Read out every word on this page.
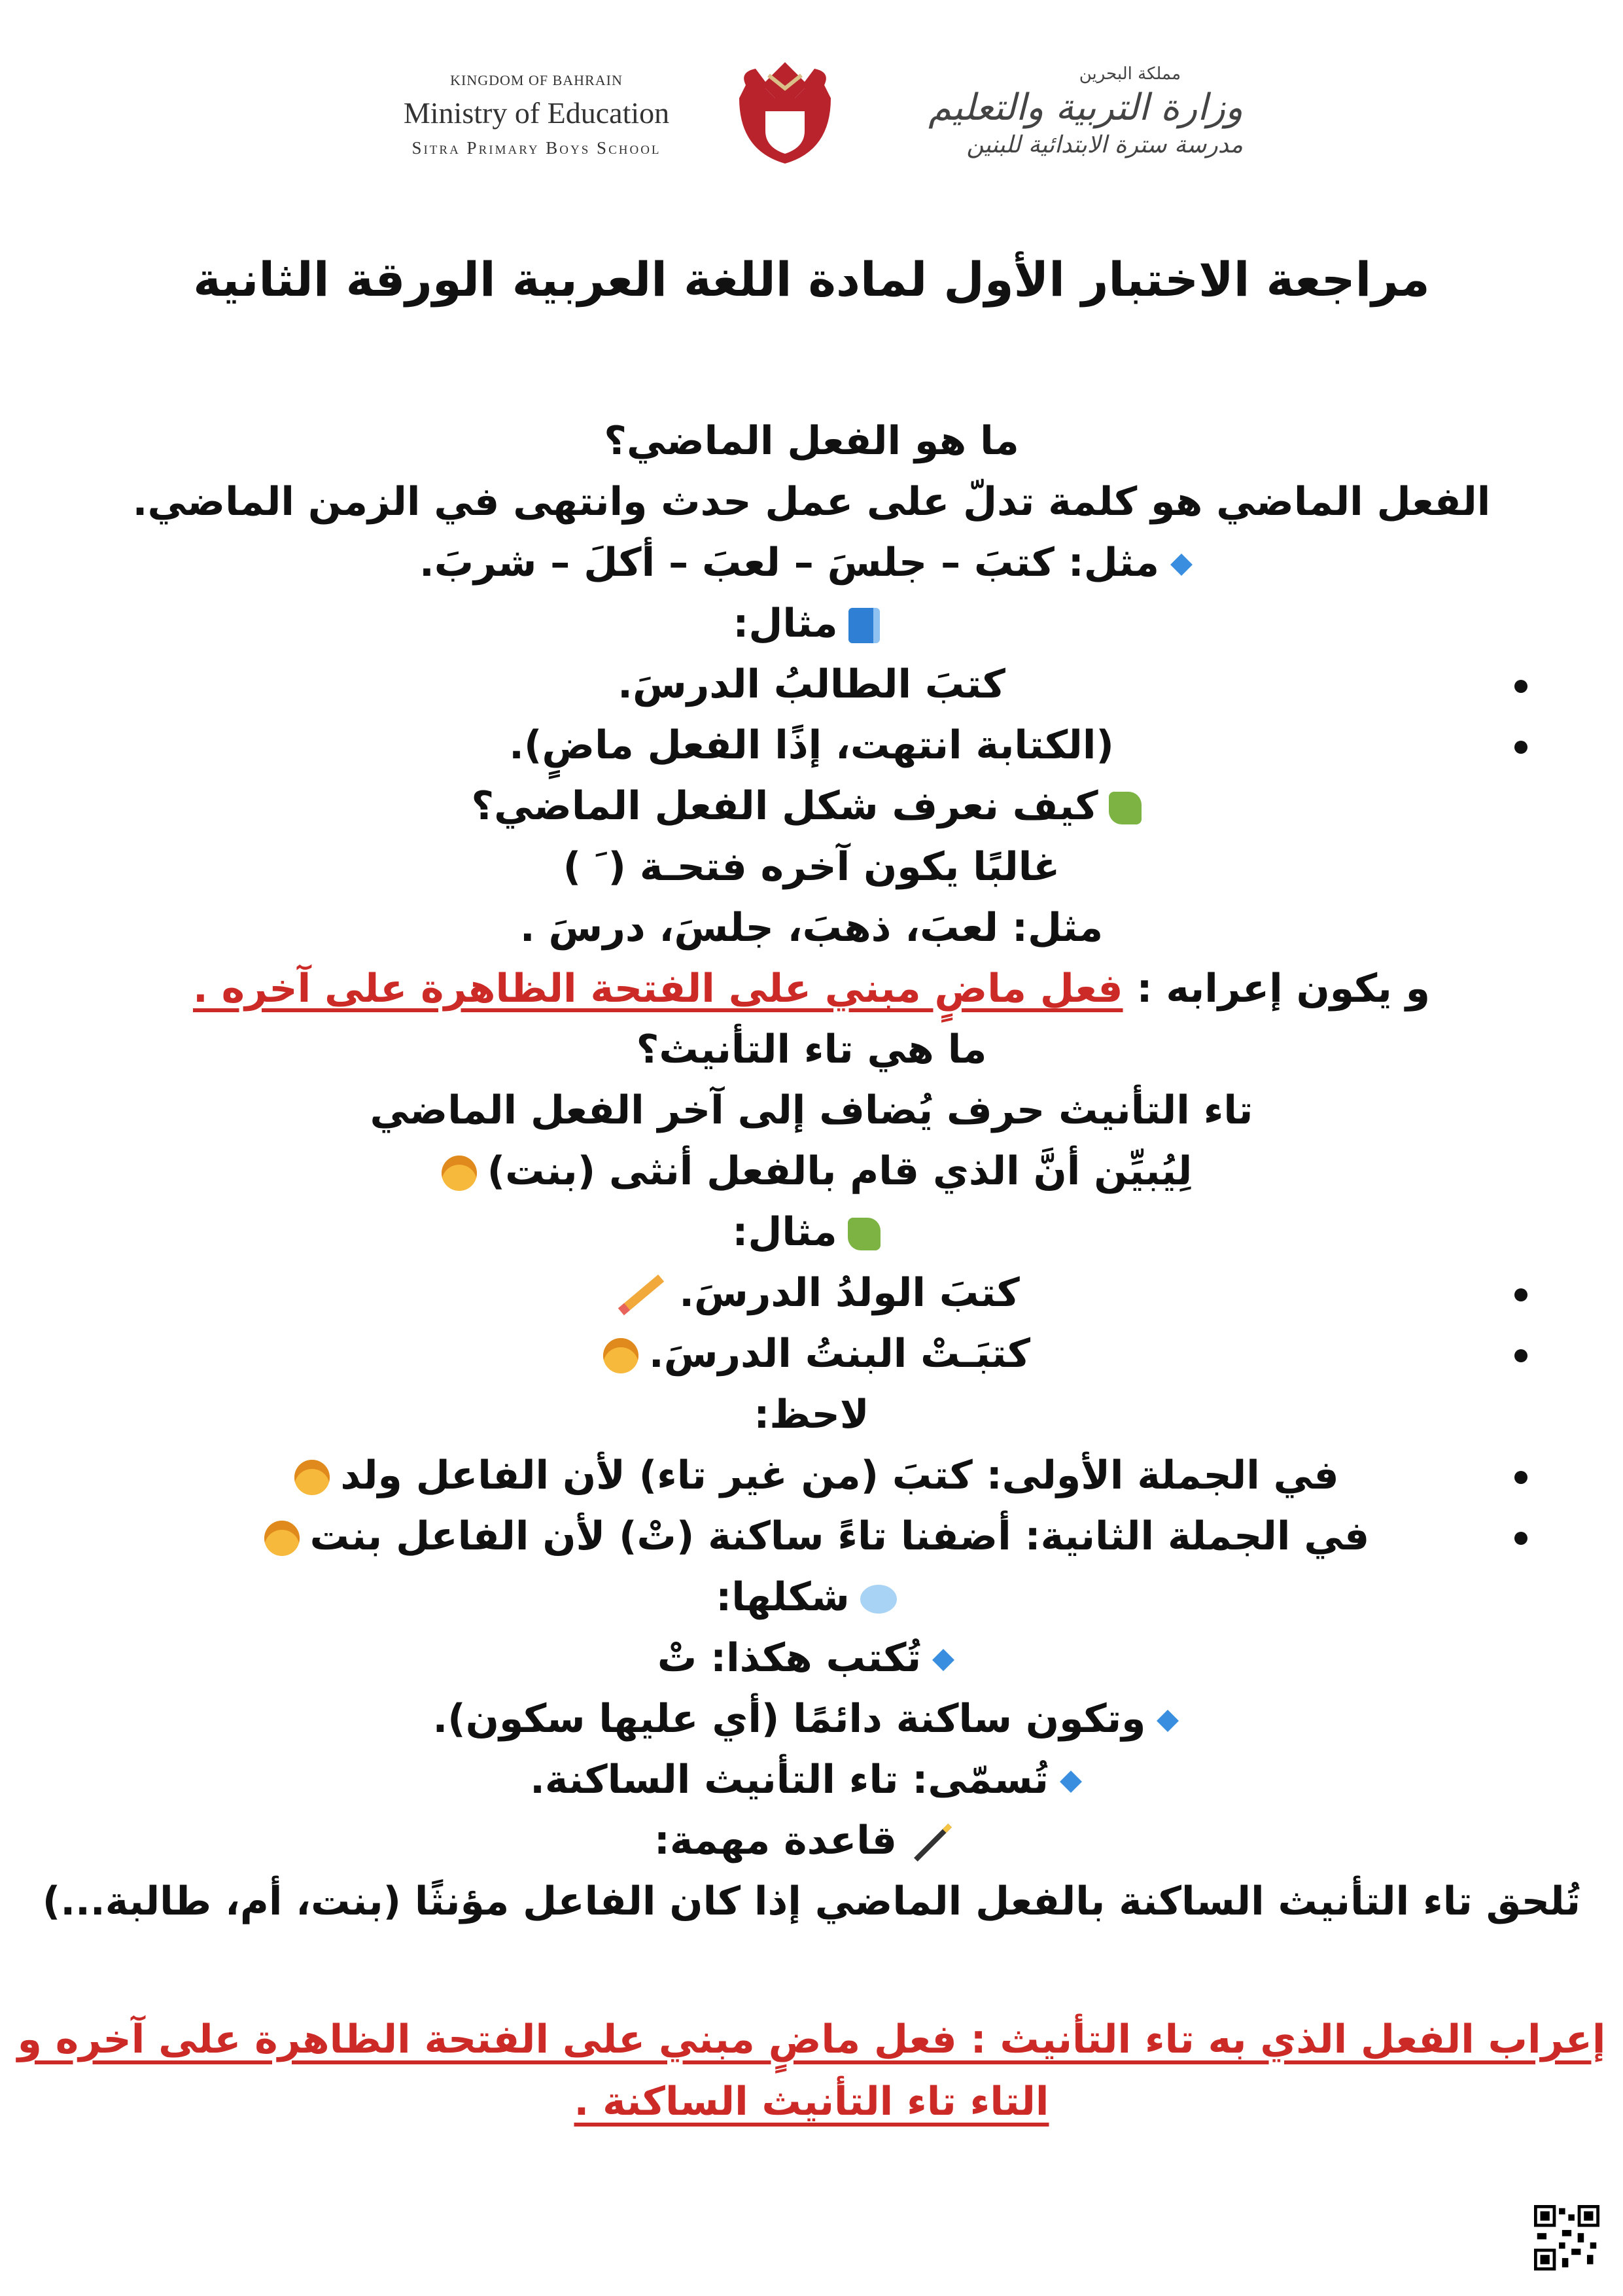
KINGDOM OF BAHRAIN
Ministry of Education
Sitra Primary Boys School
مملكة البحرين
وزارة التربية والتعليم
مدرسة سترة الابتدائية للبنين
مراجعة الاختبار الأول لمادة اللغة العربية الورقة الثانية
ما هو الفعل الماضي؟
الفعل الماضي هو كلمة تدلّ على عمل حدث وانتهى في الزمن الماضي.
مثل: كتبَ – جلسَ – لعبَ – أكلَ – شربَ.
مثال:
كتبَ الطالبُ الدرسَ.
(الكتابة انتهت، إذًا الفعل ماضٍ).
كيف نعرف شكل الفعل الماضي؟
غالبًا يكون آخره فتحـة ( َ )
مثل: لعبَ، ذهبَ، جلسَ، درسَ .
و يكون إعرابه : فعل ماضٍ مبني على الفتحة الظاهرة على آخره .
ما هي تاء التأنيث؟
تاء التأنيث حرف يُضاف إلى آخر الفعل الماضي
لِيُبيِّن أنَّ الذي قام بالفعل أنثى (بنت)
مثال:
كتبَ الولدُ الدرسَ.
كتبَـتْ البنتُ الدرسَ.
لاحظ:
في الجملة الأولى: كتبَ (من غير تاء) لأن الفاعل ولد
في الجملة الثانية: أضفنا تاءً ساكنة (تْ) لأن الفاعل بنت
شكلها:
تُكتب هكذا: تْ
وتكون ساكنة دائمًا (أي عليها سكون).
تُسمّى: تاء التأنيث الساكنة.
قاعدة مهمة:
تُلحق تاء التأنيث الساكنة بالفعل الماضي إذا كان الفاعل مؤنثًا (بنت، أم، طالبة...)
إعراب الفعل الذي به تاء التأنيث : فعل ماضٍ مبني على الفتحة الظاهرة على آخره و
التاء تاء التأنيث الساكنة .
